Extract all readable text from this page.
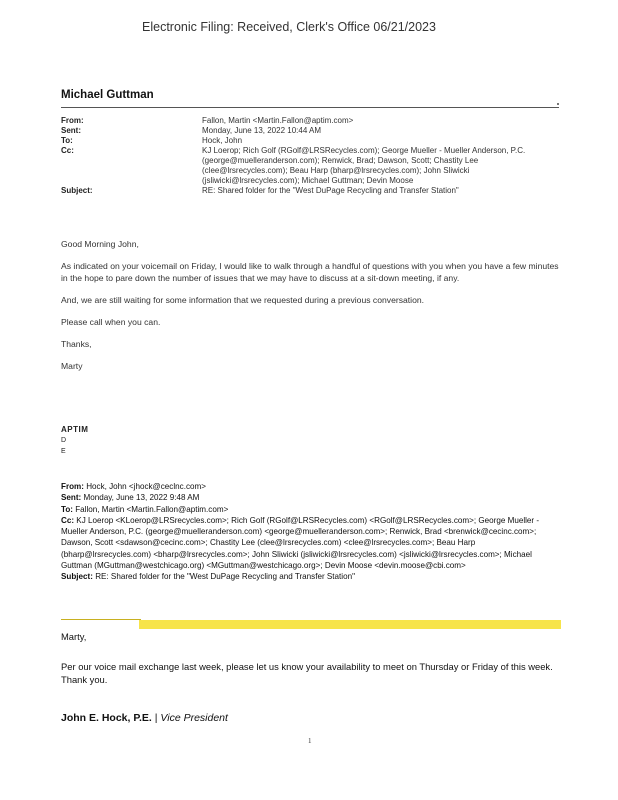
Electronic Filing: Received, Clerk's Office 06/21/2023
Michael Guttman
From:	Fallon, Martin <Martin.Fallon@aptim.com>
Sent:	Monday, June 13, 2022 10:44 AM
To:	Hock, John
Cc:	KJ Loerop; Rich Golf (RGolf@LRSRecycles.com); George Mueller - Mueller Anderson, P.C. (george@muelleranderson.com); Renwick, Brad; Dawson, Scott; Chastity Lee (clee@lrsrecycles.com); Beau Harp (bharp@lrsrecycles.com); John Sliwicki (jsliwicki@lrsrecycles.com); Michael Guttman; Devin Moose
Subject:	RE: Shared folder for the "West DuPage Recycling and Transfer Station"

Good Morning John,

As indicated on your voicemail on Friday, I would like to walk through a handful of questions with you when you have a few minutes in the hope to pare down the number of issues that we may have to discuss at a sit-down meeting, if any.

And, we are still waiting for some information that we requested during a previous conversation.

Please call when you can.

Thanks,

Marty

APTIM
D
E
From: Hock, John <jhock@ceclnc.com>
Sent: Monday, June 13, 2022 9:48 AM
To: Fallon, Martin <Martin.Fallon@aptim.com>
Cc: KJ Loerop <KLoerop@LRSrecycles.com>; Rich Golf (RGolf@LRSRecycles.com) <RGolf@LRSRecycles.com>; George Mueller - Mueller Anderson, P.C. (george@muelleranderson.com) <george@muelleranderson.com>; Renwick, Brad <brenwick@cecinc.com>; Dawson, Scott <sdawson@cecinc.com>; Chastity Lee (clee@lrsrecycles.com) <clee@lrsrecycles.com>; Beau Harp (bharp@lrsrecycles.com) <bharp@lrsrecycles.com>; John Sliwicki (jsliwicki@lrsrecycles.com) <jsliwicki@lrsrecycles.com>; Michael Guttman (MGuttman@westchicago.org) <MGuttman@westchicago.org>; Devin Moose <devin.moose@cbi.com>
Subject: RE: Shared folder for the "West DuPage Recycling and Transfer Station"

Marty,

Per our voice mail exchange last week, please let us know your availability to meet on Thursday or Friday of this week. Thank you.

John E. Hock, P.E. | Vice President
1
